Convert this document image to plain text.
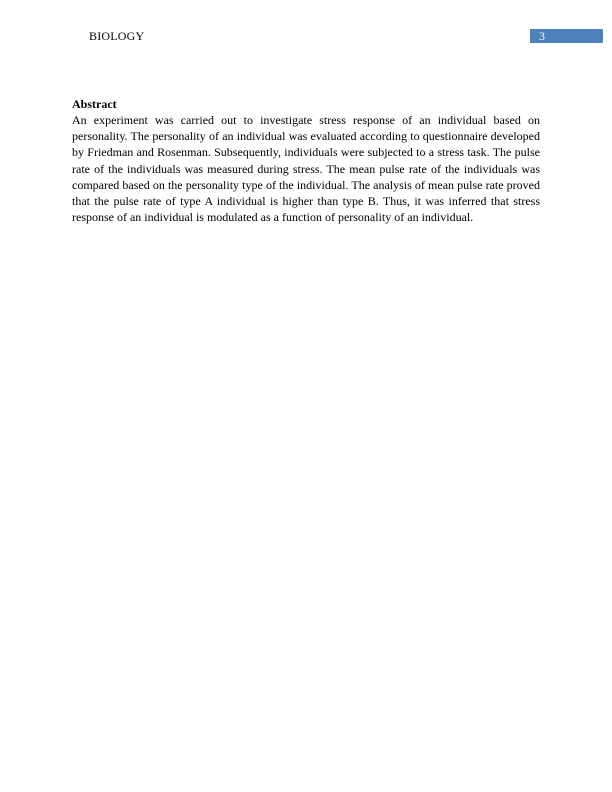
BIOLOGY	3

Abstract

An experiment was carried out to investigate stress response of an individual based on personality. The personality of an individual was evaluated according to questionnaire developed by Friedman and Rosenman. Subsequently, individuals were subjected to a stress task. The pulse rate of the individuals was measured during stress. The mean pulse rate of the individuals was compared based on the personality type of the individual. The analysis of mean pulse rate proved that the pulse rate of type A individual is higher than type B. Thus, it was inferred that stress response of an individual is modulated as a function of personality of an individual.
